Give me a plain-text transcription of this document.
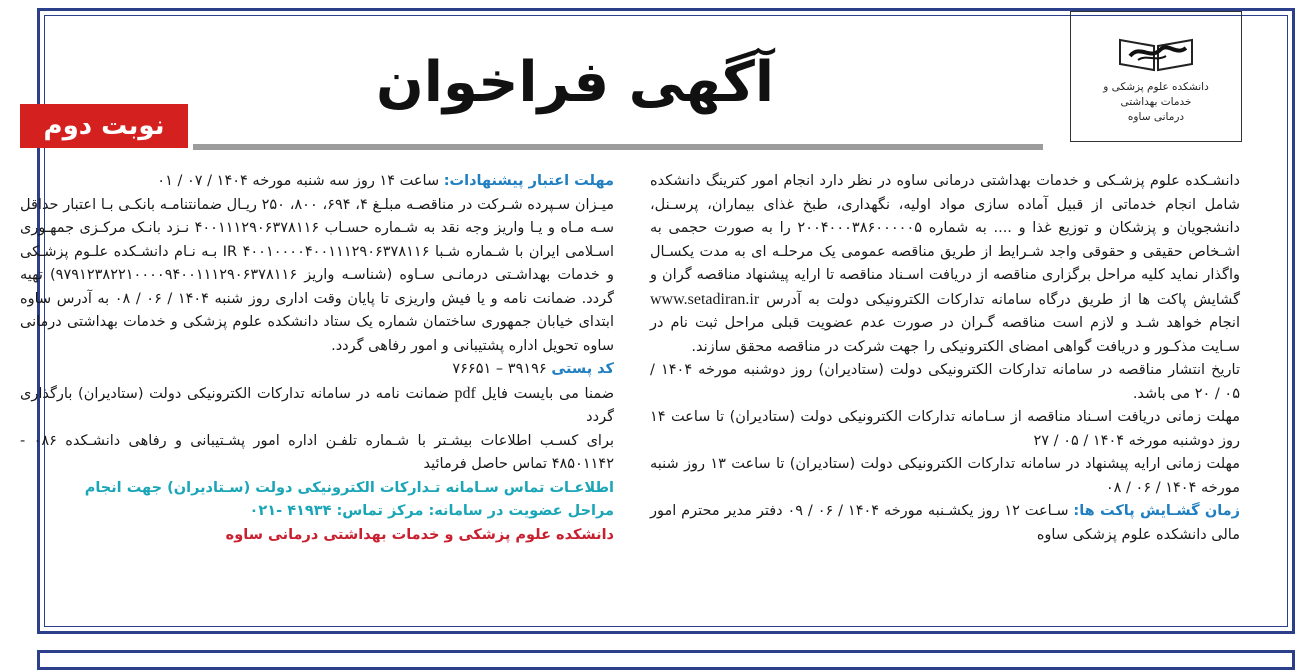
دانشکده علوم پزشکی و
خدمات بهداشتی
درمانی ساوه
آگهی فراخوان
نوبت دوم

دانشـکده علوم پزشـکی و خدمات بهداشتی درمانی ساوه در نظر دارد انجام امور کترینگ دانشکده شامل انجام خدماتی از قبیل آماده سازی مواد اولیه، نگهداری، طبخ غذای بیماران، پرسـنل، دانشجویان و پزشکان و توزیع غذا و .... به شماره ۲۰۰۴۰۰۰۳۸۶۰۰۰۰۰۵ را به صورت حجمی به اشـخاص حقیقی و حقوقی واجد شـرایط از طریق مناقصه عمومی یک مرحلـه ای به مدت یکسـال واگذار نماید کلیه مراحل برگزاری مناقصه از دریافت اسـناد مناقصه تا ارایه پیشنهاد مناقصه گران و گشایش پاکت ها از طریق درگاه سامانه تدارکات الکترونیکی دولت به آدرس www.setadiran.ir انجام خواهد شـد و لازم است مناقصه گـران در صورت عدم عضویت قبلی مراحل ثبت نام در سـایت مذکـور و دریافت گواهی امضای الکترونیکی را جهت شرکت در مناقصه محقق سازند.

تاریخ انتشار مناقصه در سامانه تدارکات الکترونیکی دولت (ستادیران) روز دوشنبه مورخه ۱۴۰۴ / ۰۵ / ۲۰ می باشد.

مهلت زمانی دریافت اسـناد مناقصه از سـامانه تدارکات الکترونیکی دولت (ستادیران) تا ساعت ۱۴ روز دوشنبه مورخه ۱۴۰۴ / ۰۵ / ۲۷

مهلت زمانی ارایه پیشنهاد در سامانه تدارکات الکترونیکی دولت (ستادیران) تا ساعت ۱۳ روز شنبه مورخه ۱۴۰۴ / ۰۶ / ۰۸

زمان گشـایش پاکت ها: سـاعت ۱۲ روز یکشـنبه مورخه ۱۴۰۴ / ۰۶ / ۰۹ دفتر مدیر محترم امور مالی دانشکده علوم پزشکی ساوه

مهلت اعتبار پیشنهادات: ساعت ۱۴ روز سه شنبه مورخه ۱۴۰۴ / ۰۷ / ۰۱

میـزان سـپرده شـرکت در مناقصـه مبلـغ ۴، ۶۹۴، ۸۰۰، ۲۵۰ ریـال ضمانتنامـه بانکـی بـا اعتبار حداقل سـه مـاه و یـا واریز وجه نقد به شـماره حسـاب ۴۰۰۱۱۱۲۹۰۶۳۷۸۱۱۶ نـزد بانـک مرکـزی جمهـوری اسـلامی ایران با شـماره شـبا IR ۴۰۰۱۰۰۰۰۴۰۰۱۱۱۲۹۰۶۳۷۸۱۱۶ بـه نـام دانشـکده علـوم پزشـکی و خدمات بهداشـتی درمانـی سـاوه (شناسـه واریز ۹۷۹۱۲۳۸۲۲۱۰۰۰۰۹۴۰۰۱۱۱۲۹۰۶۳۷۸۱۱۶) تهیه گردد. ضمانت نامه و یا فیش واریزی تا پایان وقت اداری روز شنبه ۱۴۰۴ / ۰۶ / ۰۸ به آدرس ساوه ابتدای خیابان جمهوری ساختمان شماره یک ستاد دانشکده علوم پزشکی و خدمات بهداشتی درمانی ساوه تحویل اداره پشتیبانی و امور رفاهی گردد.

کد پستی ۳۹۱۹۶ – ۷۶۶۵۱

ضمنا می بایست فایل pdf ضمانت نامه در سامانه تدارکات الکترونیکی دولت (ستادیران) بارگذاری گردد

برای کسـب اطلاعات بیشـتر با شـماره تلفـن اداره امور پشـتیبانی و رفاهی دانشـکده ۰۸۶ - ۴۸۵۰۱۱۴۲ تماس حاصل فرمائید

اطلاعـات تماس سـامانه تـدارکات الکترونیکی دولت (سـتادیران) جهت انجام

مراحل عضویت در سامانه: مرکز تماس: ۴۱۹۳۴ -۰۲۱

دانشکده علوم پزشکی و خدمات بهداشتی درمانی ساوه
